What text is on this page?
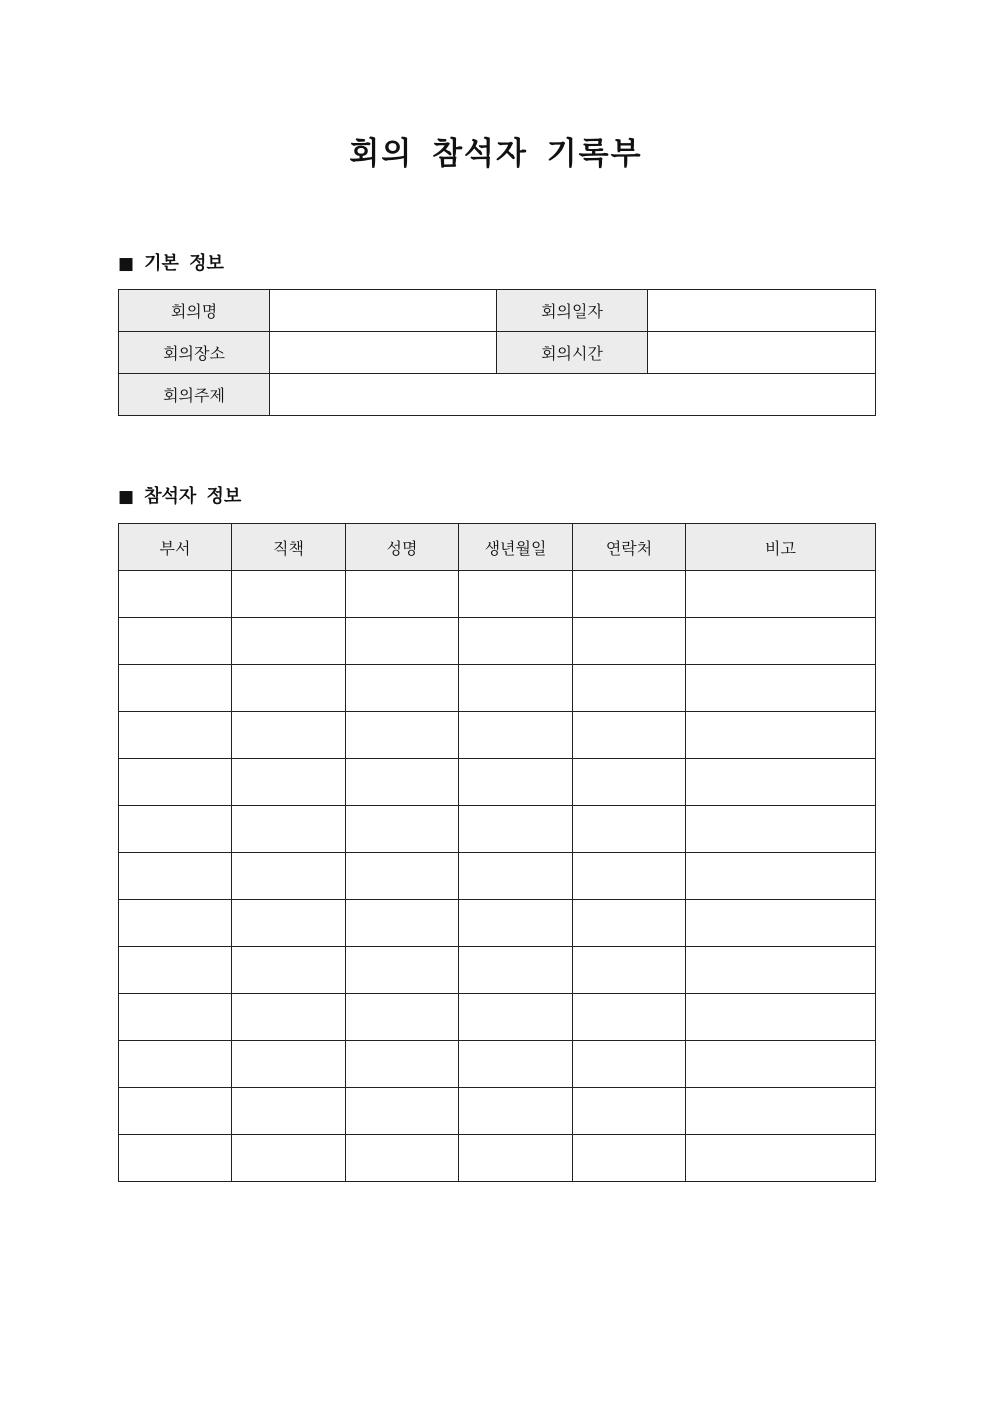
회의 참석자 기록부
■ 기본 정보
회의명		회의일자	
회의장소		회의시간	
회의주제			
■ 참석자 정보
부서	직책	성명	생년월일	연락처	비고
